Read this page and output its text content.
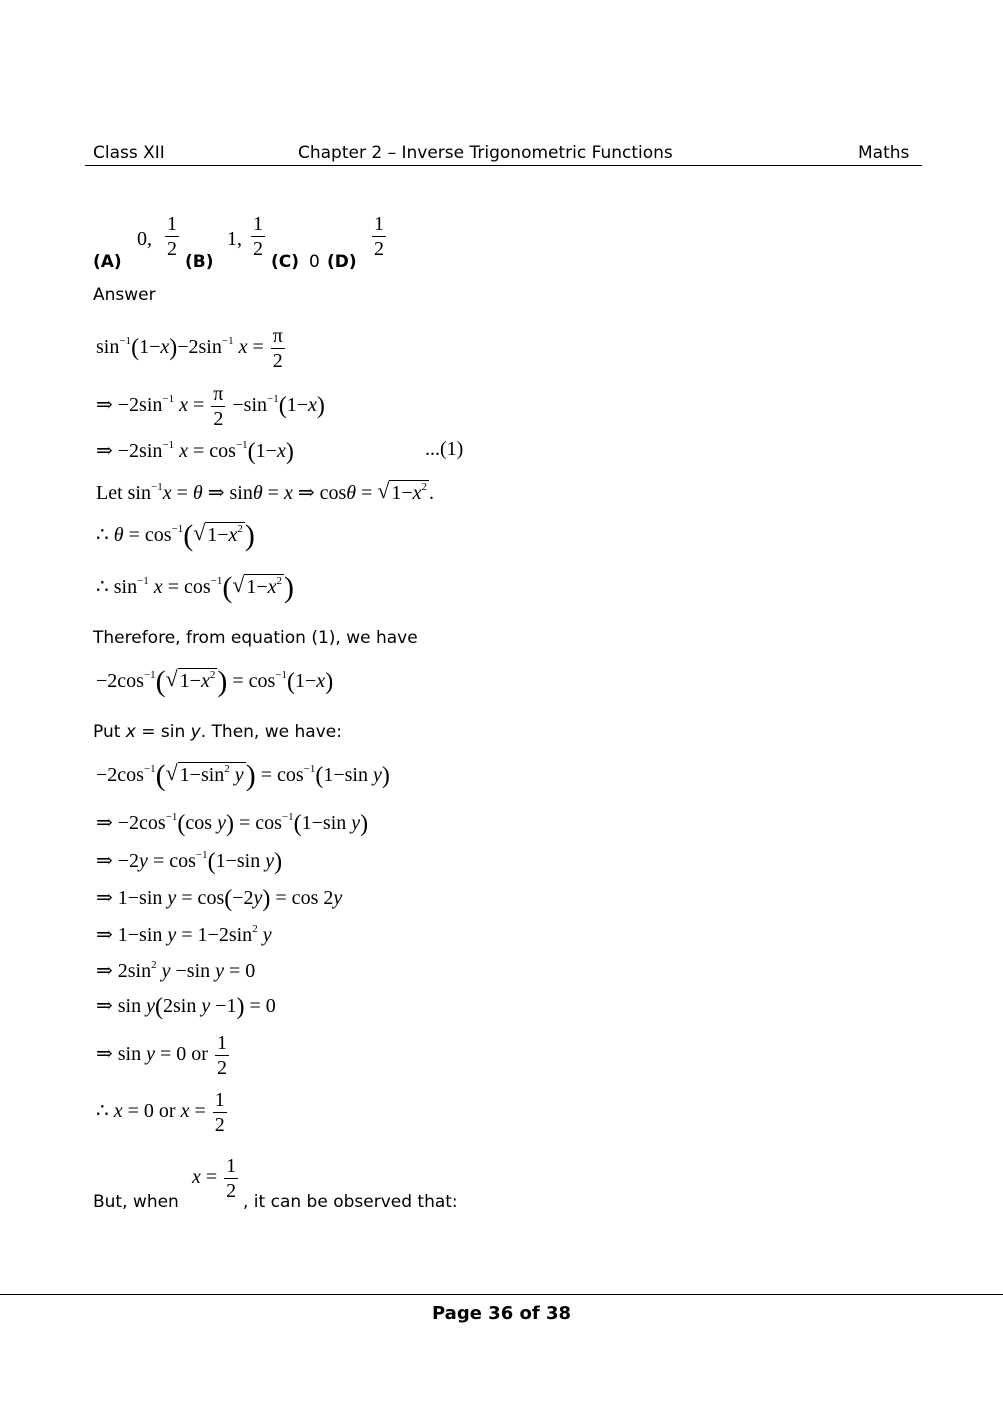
Class XII	Chapter 2 – Inverse Trigonometric Functions	Maths
(A)
0, $\frac{1}{2}$
(B)
1, $\frac{1}{2}$
(C) 0 (D)
$\frac{1}{2}$
Answer
$\sin^{-1}(1-x)-2\sin^{-1}$ $x = \frac{\pi}{2}$
⇒ $-2\sin^{-1}$ $x = \frac{\pi}{2} -\sin^{-1}(1-x)$
⇒ $-2\sin^{-1}$ $x = \cos^{-1}(1-x)$	...(1)
Let $\sin^{-1}x = \theta$ ⇒ sinθ = x ⇒ cosθ = √ $1-x^2$ .
∴ $\theta = \cos^{-1}$( √ $1-x^2$)
∴ $\sin^{-1} x = \cos^{-1}$( √ $1-x^2$)
Therefore, from equation (1), we have
$-2\cos^{-1}$( √ $1-x^2) = \cos^{-1}(1-x)$
Put x = sin y. Then, we have:
$-2\cos^{-1}$( √ $1-\sin^2$ $y) = \cos^{-1}(1-\sin$ y)
⇒ $-2\cos^{-1}(\cos$ $y) = \cos^{-1}(1-\sin$ y)
⇒ $-2y = \cos^{-1}(1-\sin$ y)
⇒ 1−sin y = cos(−2y) = cos 2y
⇒ 1−sin $y = 1-2\sin^2$ y
⇒ $2\sin^2$ y −sin y = 0
⇒ sin y(2sin y −1) = 0
⇒ sin y = 0 or $\frac{1}{2}$
∴ x = 0 or $x = \frac{1}{2}$
But, when
$x = \frac{1}{2}$
, it can be observed that:
Page 36 of 38
